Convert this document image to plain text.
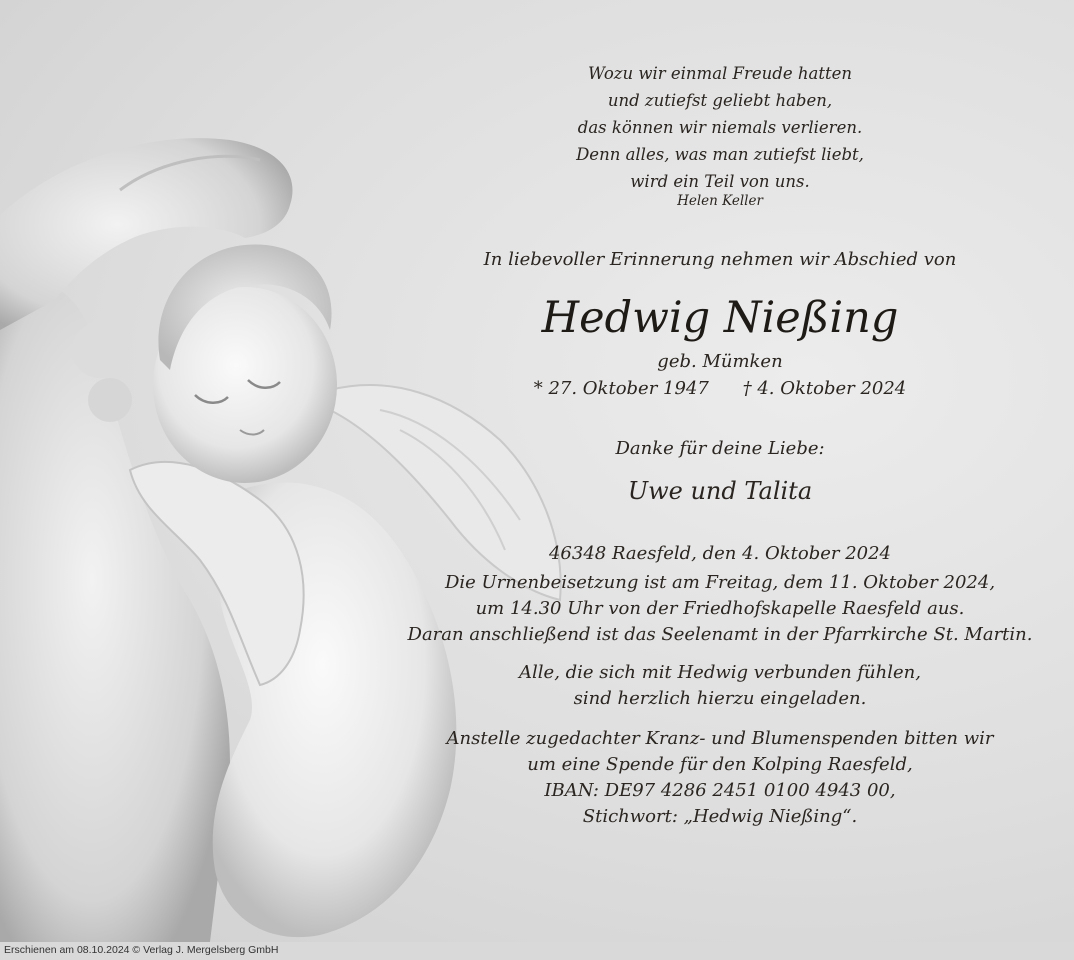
Wozu wir einmal Freude hatten
und zutiefst geliebt haben,
das können wir niemals verlieren.
Denn alles, was man zutiefst liebt,
wird ein Teil von uns.
Helen Keller
In liebevoller Erinnerung nehmen wir Abschied von
Hedwig Nießing
geb. Mümken
* 27. Oktober 1947 † 4. Oktober 2024
Danke für deine Liebe:
Uwe und Talita
46348 Raesfeld, den 4. Oktober 2024
Die Urnenbeisetzung ist am Freitag, dem 11. Oktober 2024,
um 14.30 Uhr von der Friedhofskapelle Raesfeld aus.
Daran anschließend ist das Seelenamt in der Pfarrkirche St. Martin.
Alle, die sich mit Hedwig verbunden fühlen,
sind herzlich hierzu eingeladen.
Anstelle zugedachter Kranz- und Blumenspenden bitten wir
um eine Spende für den Kolping Raesfeld,
IBAN: DE97 4286 2451 0100 4943 00,
Stichwort: „Hedwig Nießing“.
Erschienen am 08.10.2024 © Verlag J. Mergelsberg GmbH
